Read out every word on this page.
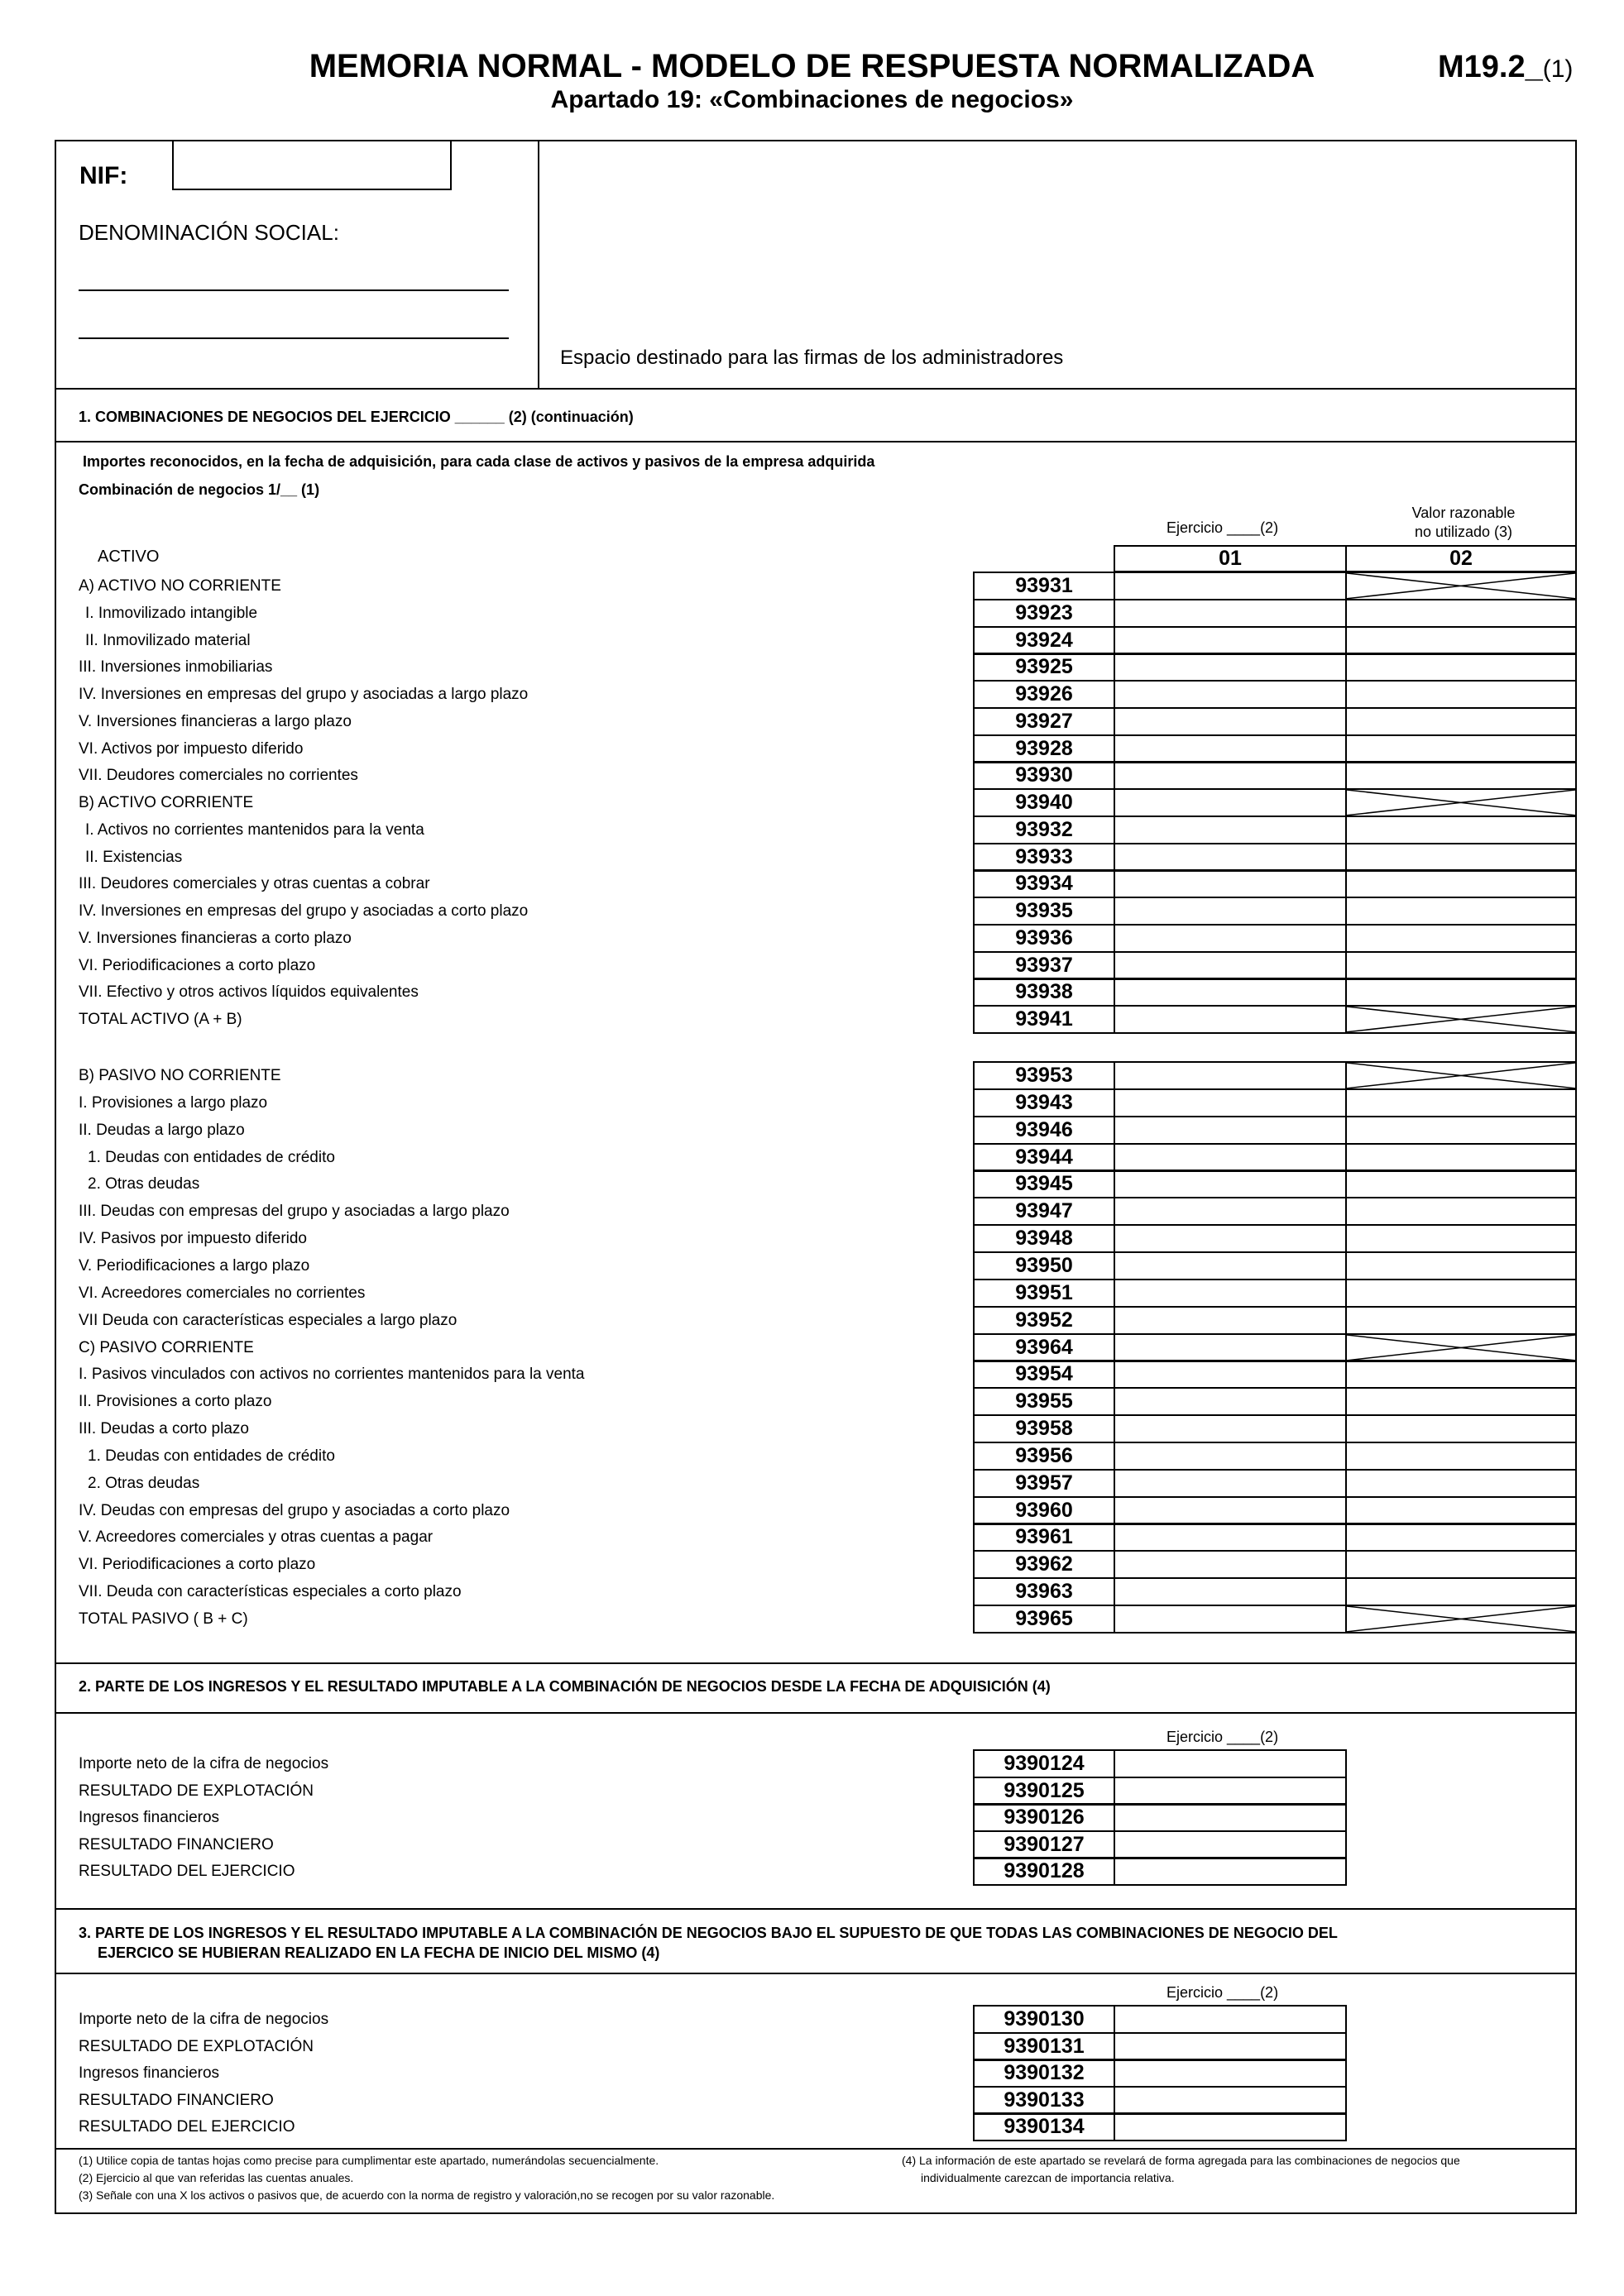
MEMORIA NORMAL - MODELO DE RESPUESTA NORMALIZADA
Apartado 19: «Combinaciones de negocios»
M19.2_(1)
NIF:
DENOMINACIÓN SOCIAL:
Espacio destinado para las firmas de los administradores
1. COMBINACIONES DE NEGOCIOS DEL EJERCICIO ______ (2) (continuación)
Importes reconocidos, en la fecha de adquisición, para cada clase de activos y pasivos de la empresa adquirida
Combinación de negocios 1/__ (1)
Ejercicio ____(2)
Valor razonable
no utilizado (3)
ACTIVO	01	02
A) ACTIVO NO CORRIENTE	93931
I. Inmovilizado intangible	93923
II. Inmovilizado material	93924
III. Inversiones inmobiliarias	93925
IV. Inversiones en empresas del grupo y asociadas a largo plazo	93926
V. Inversiones financieras a largo plazo	93927
VI. Activos por impuesto diferido	93928
VII. Deudores comerciales no corrientes	93930
B) ACTIVO CORRIENTE	93940
I. Activos no corrientes mantenidos para la venta	93932
II. Existencias	93933
III. Deudores comerciales y otras cuentas a cobrar	93934
IV. Inversiones en empresas del grupo y asociadas a corto plazo	93935
V. Inversiones financieras a corto plazo	93936
VI. Periodificaciones a corto plazo	93937
VII. Efectivo y otros activos líquidos equivalentes	93938
TOTAL ACTIVO (A + B)	93941
B) PASIVO NO CORRIENTE	93953
I. Provisiones a largo plazo	93943
II. Deudas a largo plazo	93946
1. Deudas con entidades de crédito	93944
2. Otras deudas	93945
III. Deudas con empresas del grupo y asociadas a largo plazo	93947
IV. Pasivos por impuesto diferido	93948
V. Periodificaciones a largo plazo	93950
VI. Acreedores comerciales no corrientes	93951
VII Deuda con características especiales a largo plazo	93952
C) PASIVO CORRIENTE	93964
I. Pasivos vinculados con activos no corrientes mantenidos para la venta	93954
II. Provisiones a corto plazo	93955
III. Deudas a corto plazo	93958
1. Deudas con entidades de crédito	93956
2. Otras deudas	93957
IV. Deudas con empresas del grupo y asociadas a corto plazo	93960
V. Acreedores comerciales y otras cuentas a pagar	93961
VI. Periodificaciones a corto plazo	93962
VII. Deuda con características especiales a corto plazo	93963
TOTAL PASIVO ( B + C)	93965
2. PARTE DE LOS INGRESOS Y EL RESULTADO IMPUTABLE A LA COMBINACIÓN DE NEGOCIOS DESDE LA FECHA DE ADQUISICIÓN (4)
Ejercicio ____(2)
Importe neto de la cifra de negocios	9390124
RESULTADO DE EXPLOTACIÓN	9390125
Ingresos financieros	9390126
RESULTADO FINANCIERO	9390127
RESULTADO DEL EJERCICIO	9390128
3. PARTE DE LOS INGRESOS Y EL RESULTADO IMPUTABLE A LA COMBINACIÓN DE NEGOCIOS BAJO EL SUPUESTO DE QUE TODAS LAS COMBINACIONES DE NEGOCIO DEL
EJERCICO SE HUBIERAN REALIZADO EN LA FECHA DE INICIO DEL MISMO (4)
Ejercicio ____(2)
Importe neto de la cifra de negocios	9390130
RESULTADO DE EXPLOTACIÓN	9390131
Ingresos financieros	9390132
RESULTADO FINANCIERO	9390133
RESULTADO DEL EJERCICIO	9390134
(1) Utilice copia de tantas hojas como precise para cumplimentar este apartado, numerándolas secuencialmente.
(2) Ejercicio al que van referidas las cuentas anuales.
(3) Señale con una X los activos o pasivos que, de acuerdo con la norma de registro y valoración,no se recogen por su valor razonable.
(4) La información de este apartado se revelará de forma agregada para las combinaciones de negocios que
individualmente carezcan de importancia relativa.
